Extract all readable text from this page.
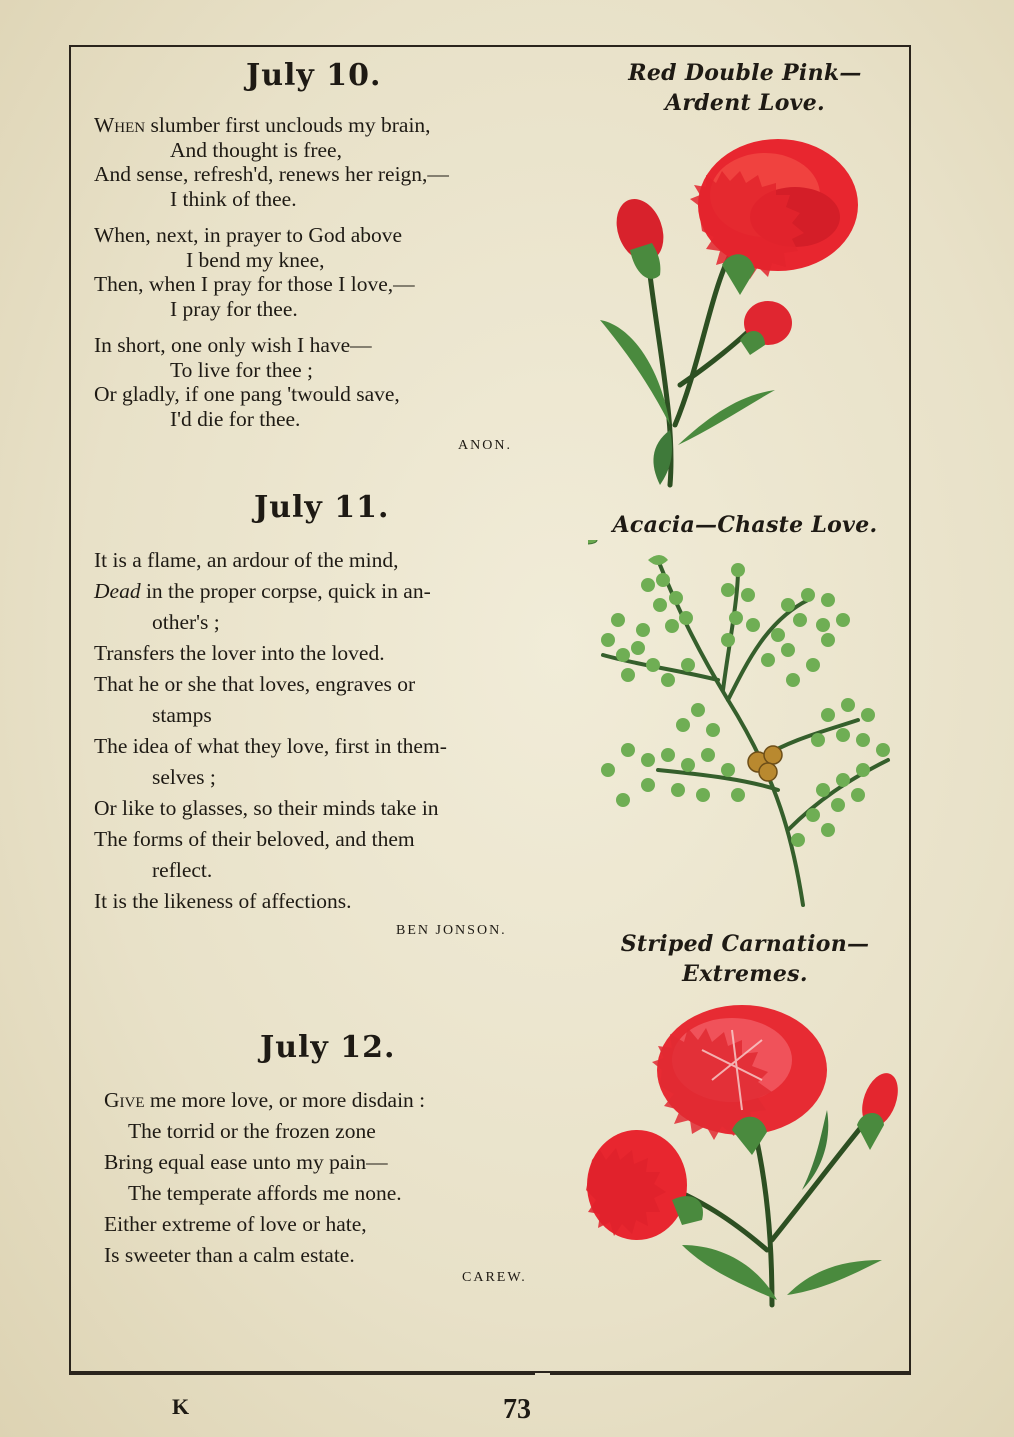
July 10.
When slumber first unclouds my brain,
And thought is free,
And sense, refresh'd, renews her reign,—
I think of thee.
When, next, in prayer to God above
I bend my knee,
Then, when I pray for those I love,—
I pray for thee.
In short, one only wish I have—
To live for thee ;
Or gladly, if one pang 'twould save,
I'd die for thee.
ANON.
July 11.
It is a flame, an ardour of the mind,
Dead in the proper corpse, quick in an-
other's ;
Transfers the lover into the loved.
That he or she that loves, engraves or
stamps
The idea of what they love, first in them-
selves ;
Or like to glasses, so their minds take in
The forms of their beloved, and them
reflect.
It is the likeness of affections.
BEN JONSON.
July 12.
Give me more love, or more disdain :
The torrid or the frozen zone
Bring equal ease unto my pain—
The temperate affords me none.
Either extreme of love or hate,
Is sweeter than a calm estate.
CAREW.
Red Double Pink—
Ardent Love.
Acacia—Chaste Love.
Striped Carnation—
Extremes.
K	73
